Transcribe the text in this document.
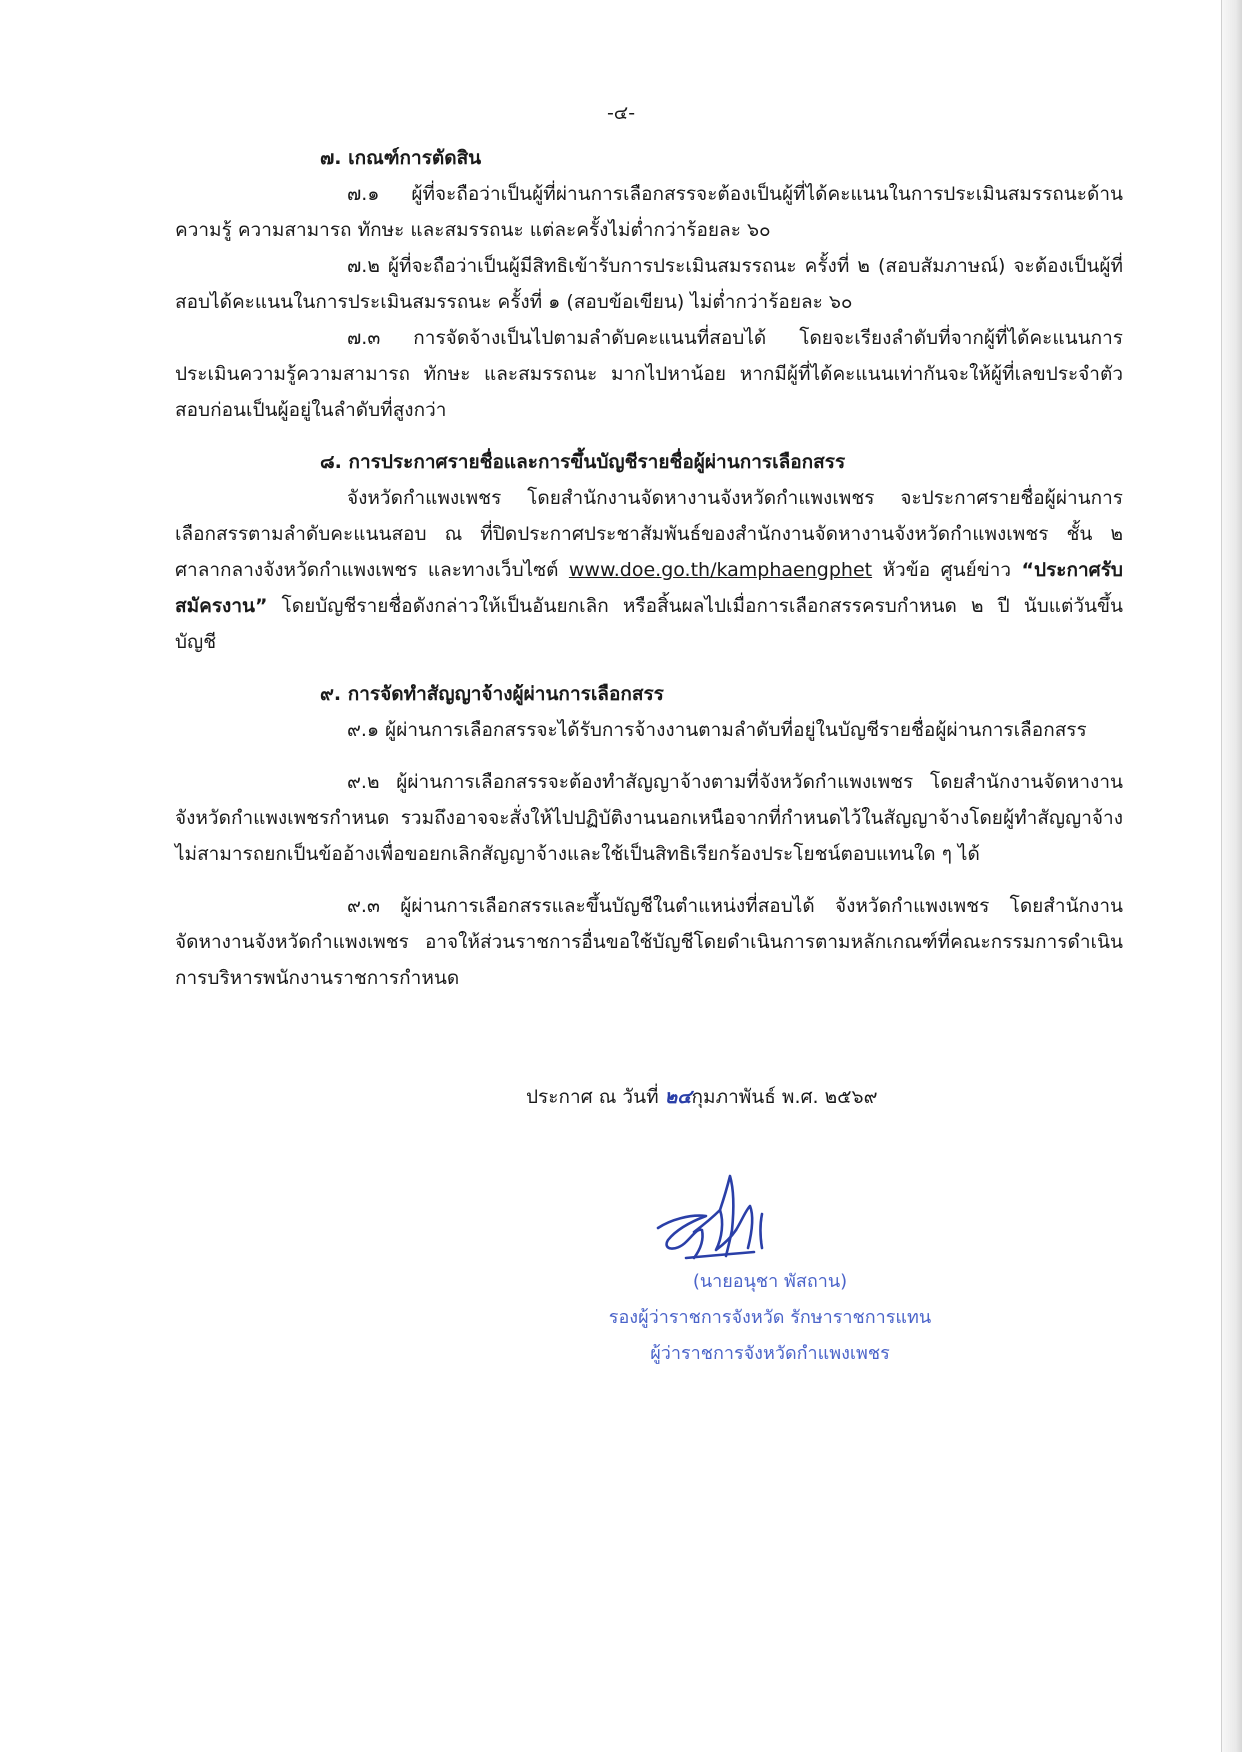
-๔-

๗. เกณฑ์การตัดสิน

๗.๑ ผู้ที่จะถือว่าเป็นผู้ที่ผ่านการเลือกสรรจะต้องเป็นผู้ที่ได้คะแนนในการประเมินสมรรถนะด้านความรู้ ความสามารถ ทักษะ และสมรรถนะ แต่ละครั้งไม่ต่ำกว่าร้อยละ ๖๐

๗.๒ ผู้ที่จะถือว่าเป็นผู้มีสิทธิเข้ารับการประเมินสมรรถนะ ครั้งที่ ๒ (สอบสัมภาษณ์) จะต้องเป็นผู้ที่สอบได้คะแนนในการประเมินสมรรถนะ ครั้งที่ ๑ (สอบข้อเขียน) ไม่ต่ำกว่าร้อยละ ๖๐

๗.๓ การจัดจ้างเป็นไปตามลำดับคะแนนที่สอบได้ โดยจะเรียงลำดับที่จากผู้ที่ได้คะแนนการประเมินความรู้ความสามารถ ทักษะ และสมรรถนะ มากไปหาน้อย หากมีผู้ที่ได้คะแนนเท่ากันจะให้ผู้ที่เลขประจำตัวสอบก่อนเป็นผู้อยู่ในลำดับที่สูงกว่า

๘. การประกาศรายชื่อและการขึ้นบัญชีรายชื่อผู้ผ่านการเลือกสรร

จังหวัดกำแพงเพชร โดยสำนักงานจัดหางานจังหวัดกำแพงเพชร จะประกาศรายชื่อผู้ผ่านการเลือกสรรตามลำดับคะแนนสอบ ณ ที่ปิดประกาศประชาสัมพันธ์ของสำนักงานจัดหางานจังหวัดกำแพงเพชร ชั้น ๒ ศาลากลางจังหวัดกำแพงเพชร และทางเว็บไซต์ www.doe.go.th/kamphaengphet หัวข้อ ศูนย์ข่าว “ประกาศรับสมัครงาน” โดยบัญชีรายชื่อดังกล่าวให้เป็นอันยกเลิก หรือสิ้นผลไปเมื่อการเลือกสรรครบกำหนด ๒ ปี นับแต่วันขึ้นบัญชี

๙. การจัดทำสัญญาจ้างผู้ผ่านการเลือกสรร

๙.๑ ผู้ผ่านการเลือกสรรจะได้รับการจ้างงานตามลำดับที่อยู่ในบัญชีรายชื่อผู้ผ่านการเลือกสรร

๙.๒ ผู้ผ่านการเลือกสรรจะต้องทำสัญญาจ้างตามที่จังหวัดกำแพงเพชร โดยสำนักงานจัดหางานจังหวัดกำแพงเพชรกำหนด รวมถึงอาจจะสั่งให้ไปปฏิบัติงานนอกเหนือจากที่กำหนดไว้ในสัญญาจ้างโดยผู้ทำสัญญาจ้างไม่สามารถยกเป็นข้ออ้างเพื่อขอยกเลิกสัญญาจ้างและใช้เป็นสิทธิเรียกร้องประโยชน์ตอบแทนใด ๆ ได้

๙.๓ ผู้ผ่านการเลือกสรรและขึ้นบัญชีในตำแหน่งที่สอบได้ จังหวัดกำแพงเพชร โดยสำนักงานจัดหางานจังหวัดกำแพงเพชร อาจให้ส่วนราชการอื่นขอใช้บัญชีโดยดำเนินการตามหลักเกณฑ์ที่คณะกรรมการดำเนินการบริหารพนักงานราชการกำหนด

ประกาศ ณ วันที่ ๒๔กุมภาพันธ์ พ.ศ. ๒๕๖๙
(นายอนุชา พัสถาน)
รองผู้ว่าราชการจังหวัด รักษาราชการแทน
ผู้ว่าราชการจังหวัดกำแพงเพชร
